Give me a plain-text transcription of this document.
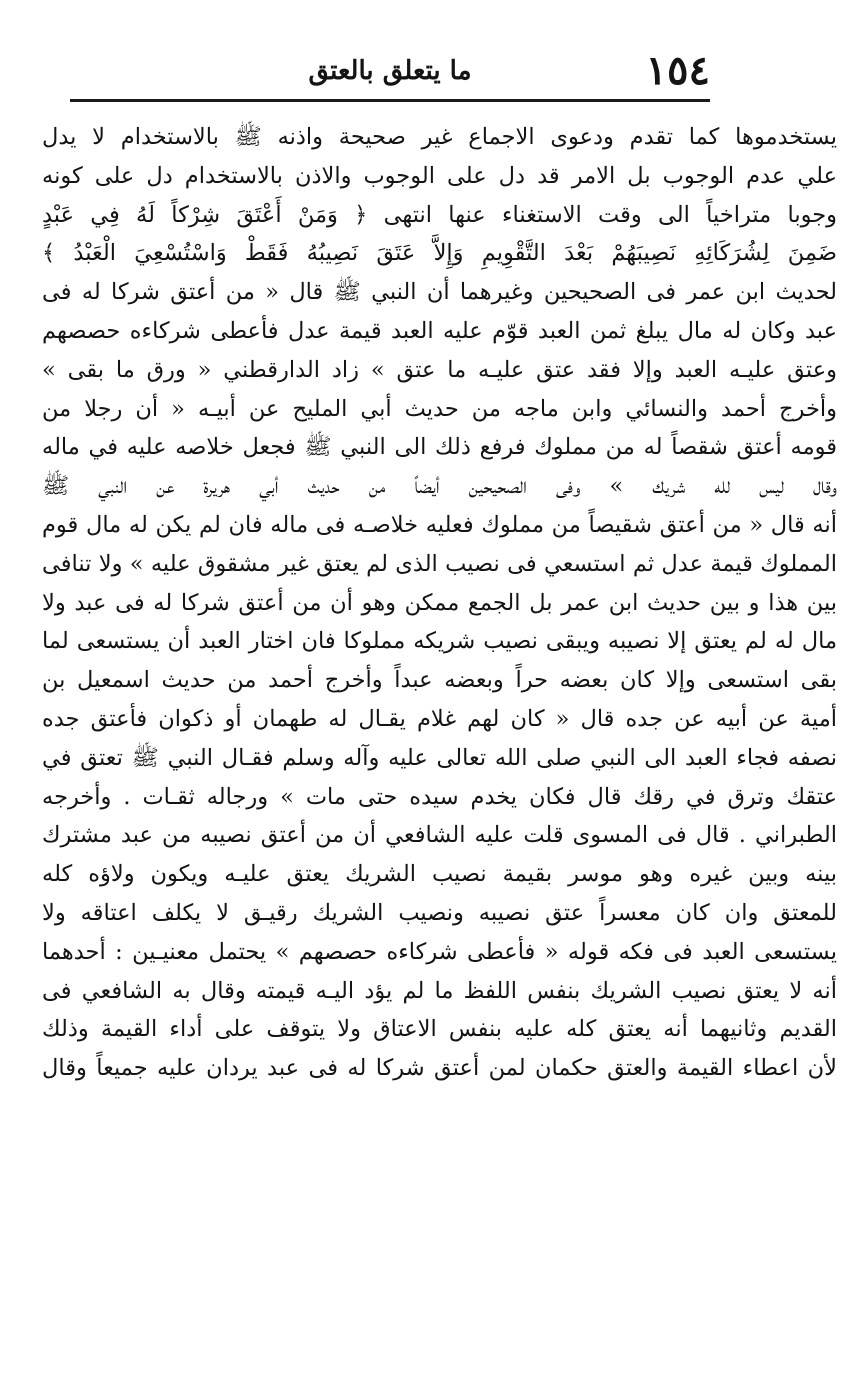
١٥٤
ما يتعلق بالعتق
يستخدموها كما تقدم ودعوى الاجماع غير صحيحة واذنه ﷺ بالاستخدام لا يدل
علي عدم الوجوب بل الامر قد دل على الوجوب والاذن بالاستخدام دل على كونه
وجوبا متراخياً الى وقت الاستغناء عنها انتهى ﴿ وَمَنْ أَعْتَقَ شِرْكاً لَهُ فِي عَبْدٍ
ضَمِنَ لِشُرَكَائِهِ نَصِيبَهُمْ بَعْدَ التَّقْوِيمِ وَإِلاَّ عَتَقَ نَصِيبُهُ فَقَطْ وَاسْتُسْعِيَ الْعَبْدُ ﴾
لحديث ابن عمر فى الصحيحين وغيرهما أن النبي ﷺ قال « من أعتق شركا له فى
عبد وكان له مال يبلغ ثمن العبد قوّم عليه العبد قيمة عدل فأعطى شركاءه حصصهم
وعتق عليـه العبد وإلا فقد عتق عليـه ما عتق » زاد الدارقطني « ورق ما بقى »
وأخرج أحمد والنسائي وابن ماجه من حديث أبي المليح عن أبيـه « أن رجلا من
قومه أعتق شقصاً له من مملوك فرفع ذلك الى النبي ﷺ فجعل خلاصه عليه في ماله
وقال ليس لله شريك » وفى الصحيحين أيضاً من حديث أبي هريرة عن النبي ﷺ
أنه قال « من أعتق شقيصاً من مملوك فعليه خلاصـه فى ماله فان لم يكن له مال قوم
المملوك قيمة عدل ثم استسعي فى نصيب الذى لم يعتق غير مشقوق عليه » ولا تنافى
بين هذا و بين حديث ابن عمر بل الجمع ممكن وهو أن من أعتق شركا له فى عبد ولا
مال له لم يعتق إلا نصيبه ويبقى نصيب شريكه مملوكا فان اختار العبد أن يستسعى لما
بقى استسعى وإلا كان بعضه حراً وبعضه عبداً وأخرج أحمد من حديث اسمعيل بن
أمية عن أبيه عن جده قال « كان لهم غلام يقـال له طهمان أو ذكوان فأعتق جده
نصفه فجاء العبد الى النبي صلى الله تعالى عليه وآله وسلم فقـال النبي ﷺ تعتق في
عتقك وترق في رقك قال فكان يخدم سيده حتى مات » ورجاله ثقـات . وأخرجه
الطبراني . قال فى المسوى قلت عليه الشافعي أن من أعتق نصيبه من عبد مشترك
بينه وبين غيره وهو موسر بقيمة نصيب الشريك يعتق عليـه ويكون ولاؤه كله
للمعتق وان كان معسراً عتق نصيبه ونصيب الشريك رقيـق لا يكلف اعتاقه ولا
يستسعى العبد فى فكه قوله « فأعطى شركاءه حصصهم » يحتمل معنيـين : أحدهما
أنه لا يعتق نصيب الشريك بنفس اللفظ ما لم يؤد اليـه قيمته وقال به الشافعي فى
القديم وثانيهما أنه يعتق كله عليه بنفس الاعتاق ولا يتوقف على أداء القيمة وذلك
لأن اعطاء القيمة والعتق حكمان لمن أعتق شركا له فى عبد يردان عليه جميعاً وقال
